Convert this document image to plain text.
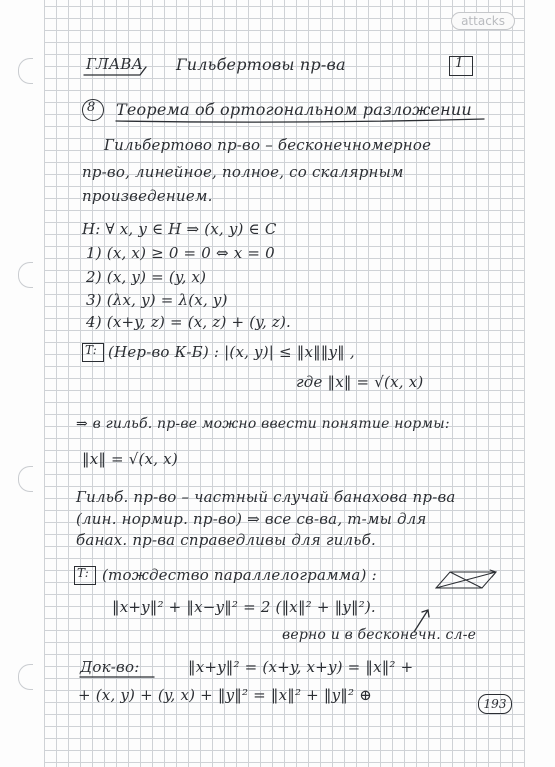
attacks
ГЛАВА Гильбертовы пр-ва	1
8 Теорема об ортогональном разложении
Гильбертово пр-во – бесконечномерное
пр-во, линейное, полное, со скалярным
произведением.
H: ∀ x, y ∈ H ⇒ (x, y) ∈ C
1) (x, x) ≥ 0 = 0 ⇔ x = 0
2) (x, y) = (y, x)
3) (λx, y) = λ(x, y)
4) (x+y, z) = (x, z) + (y, z).
T: (Нер-во К-Б) : |(x, y)| ≤ ‖x‖‖y‖ ,
где ‖x‖ = √(x, x)
⇒ в гильб. пр-ве можно ввести понятие нормы:
‖x‖ = √(x, x)
Гильб. пр-во – частный случай банахова пр-ва
(лин. нормир. пр-во) ⇒ все св-ва, т-мы для
банах. пр-ва справедливы для гильб.
T: (тождество параллелограмма) :
‖x+y‖² + ‖x−y‖² = 2 (‖x‖² + ‖y‖²).
верно и в бесконечн. сл-е
Док-во:	‖x+y‖² = (x+y, x+y) = ‖x‖² +
+ (x, y) + (y, x) + ‖y‖² = ‖x‖² + ‖y‖² ⊕	193
